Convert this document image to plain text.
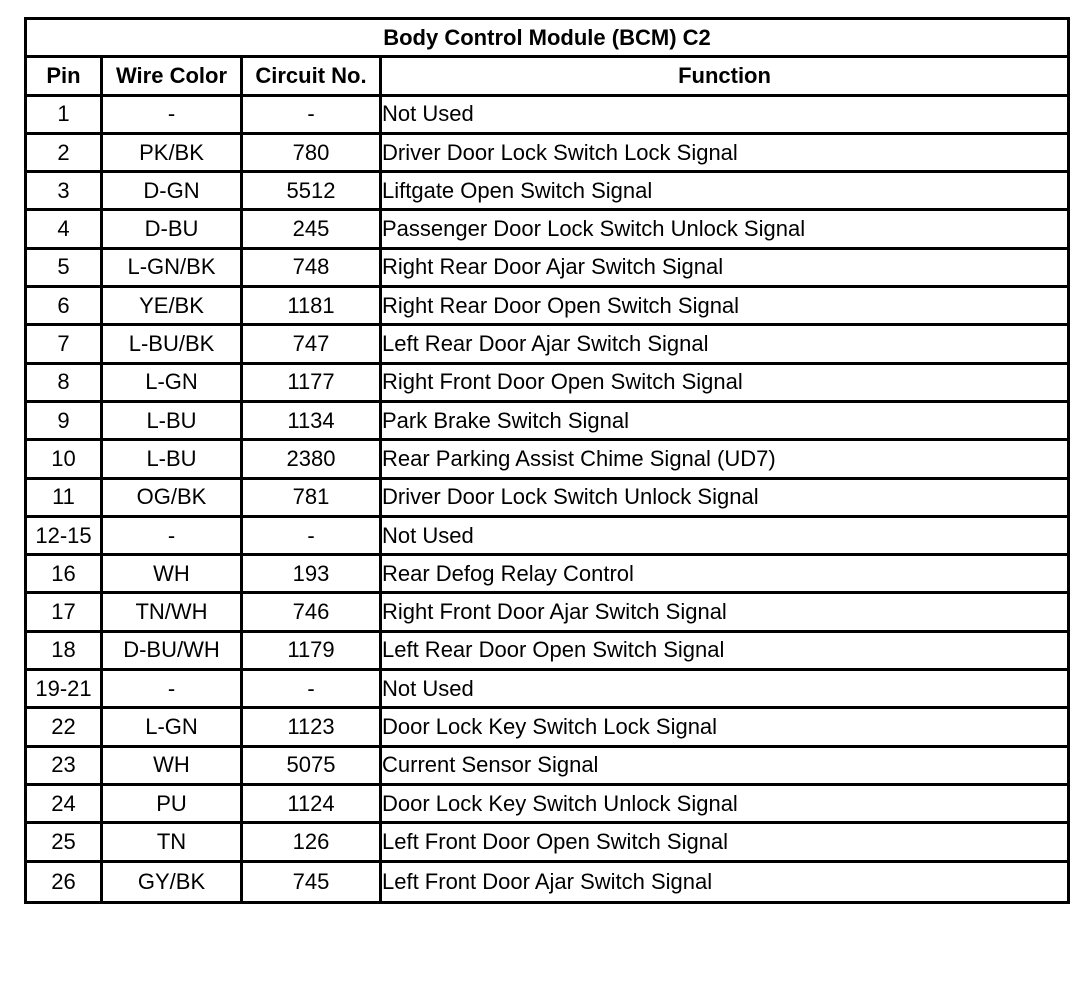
Body Control Module (BCM) C2			
Pin	Wire Color	Circuit No.	Function
1	-	-	Not Used
2	PK/BK	780	Driver Door Lock Switch Lock Signal
3	D-GN	5512	Liftgate Open Switch Signal
4	D-BU	245	Passenger Door Lock Switch Unlock Signal
5	L-GN/BK	748	Right Rear Door Ajar Switch Signal
6	YE/BK	1181	Right Rear Door Open Switch Signal
7	L-BU/BK	747	Left Rear Door Ajar Switch Signal
8	L-GN	1177	Right Front Door Open Switch Signal
9	L-BU	1134	Park Brake Switch Signal
10	L-BU	2380	Rear Parking Assist Chime Signal (UD7)
11	OG/BK	781	Driver Door Lock Switch Unlock Signal
12-15	-	-	Not Used
16	WH	193	Rear Defog Relay Control
17	TN/WH	746	Right Front Door Ajar Switch Signal
18	D-BU/WH	1179	Left Rear Door Open Switch Signal
19-21	-	-	Not Used
22	L-GN	1123	Door Lock Key Switch Lock Signal
23	WH	5075	Current Sensor Signal
24	PU	1124	Door Lock Key Switch Unlock Signal
25	TN	126	Left Front Door Open Switch Signal
26	GY/BK	745	Left Front Door Ajar Switch Signal
